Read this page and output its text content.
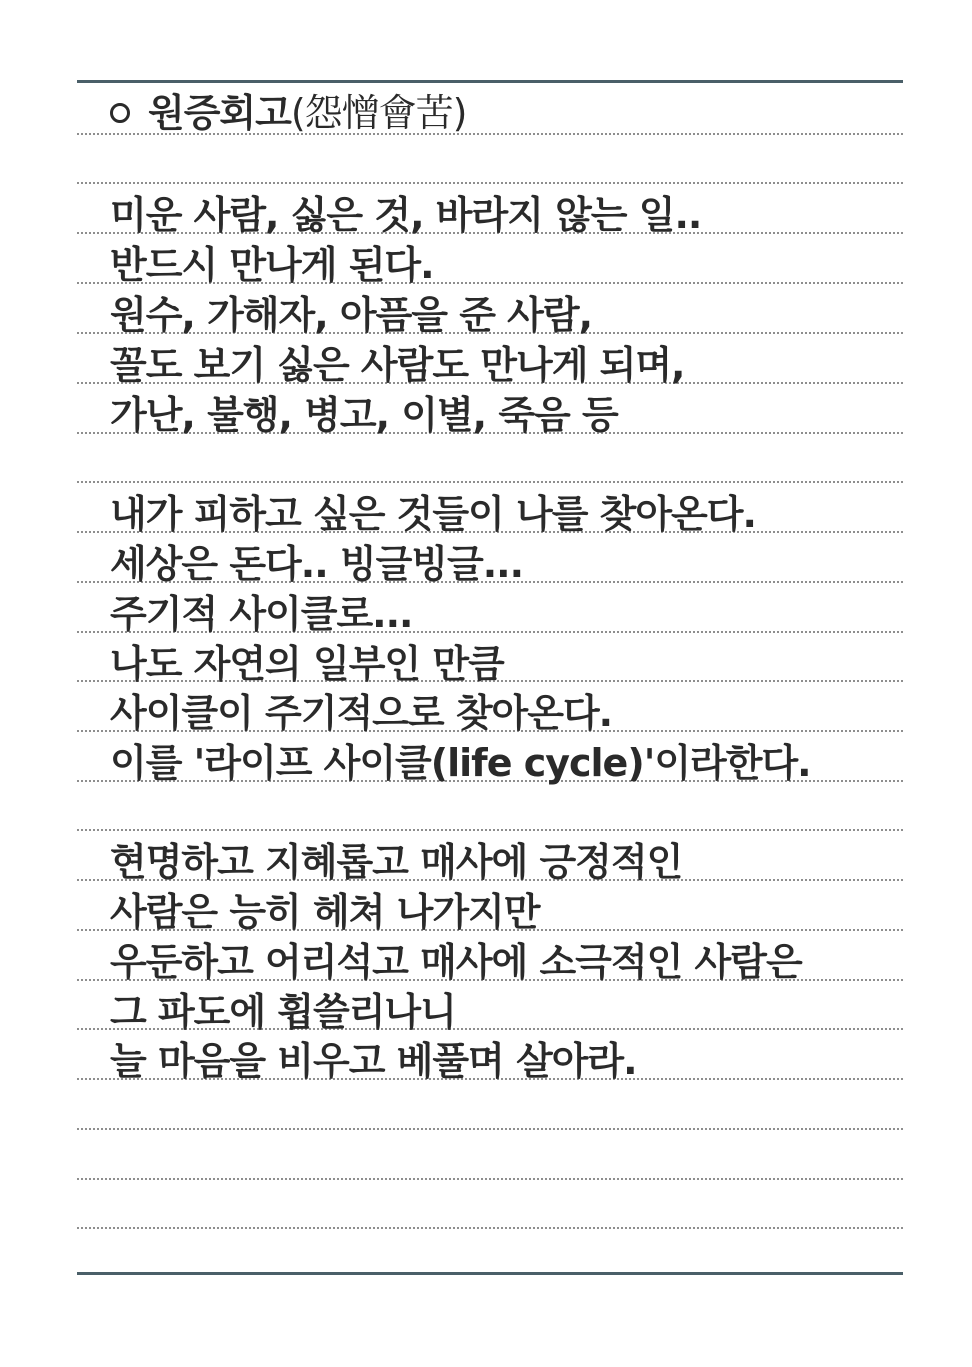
원증회고 (怨憎會苦)
미운 사람, 싫은 것, 바라지 않는 일..
반드시 만나게 된다.
원수, 가해자, 아픔을 준 사람,
꼴도 보기 싫은 사람도 만나게 되며,
가난, 불행, 병고, 이별, 죽음 등
내가 피하고 싶은 것들이 나를 찾아온다.
세상은 돈다.. 빙글빙글...
주기적 사이클로...
나도 자연의 일부인 만큼
사이클이 주기적으로 찾아온다.
이를 '라이프 사이클(life cycle)'이라한다.
현명하고 지혜롭고 매사에 긍정적인
사람은 능히 헤쳐 나가지만
우둔하고 어리석고 매사에 소극적인 사람은
그 파도에 휩쓸리나니
늘 마음을 비우고 베풀며 살아라.
